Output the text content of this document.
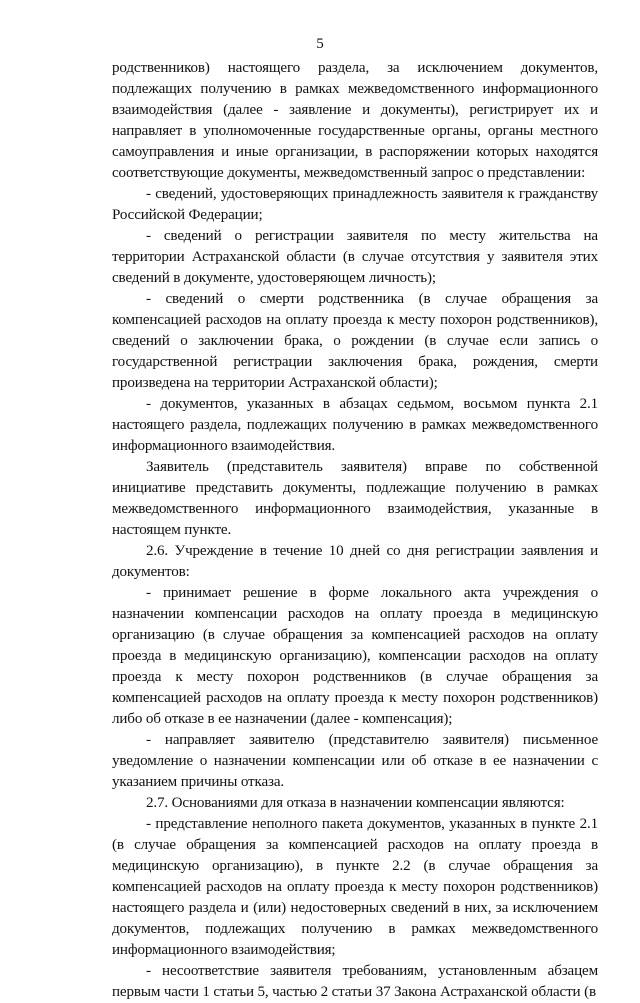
5

родственников) настоящего раздела, за исключением документов, подлежащих получению в рамках межведомственного информационного взаимодействия (далее - заявление и документы), регистрирует их и направляет в уполномоченные государственные органы, органы местного самоуправления и иные организации, в распоряжении которых находятся соответствующие документы, межведомственный запрос о представлении:

- сведений, удостоверяющих принадлежность заявителя к гражданству Российской Федерации;

- сведений о регистрации заявителя по месту жительства на территории Астраханской области (в случае отсутствия у заявителя этих сведений в документе, удостоверяющем личность);

- сведений о смерти родственника (в случае обращения за компенсацией расходов на оплату проезда к месту похорон родственников), сведений о заключении брака, о рождении (в случае если запись о государственной регистрации заключения брака, рождения, смерти произведена на территории Астраханской области);

- документов, указанных в абзацах седьмом, восьмом пункта 2.1 настоящего раздела, подлежащих получению в рамках межведомственного информационного взаимодействия.

Заявитель (представитель заявителя) вправе по собственной инициативе представить документы, подлежащие получению в рамках межведомственного информационного взаимодействия, указанные в настоящем пункте.

2.6. Учреждение в течение 10 дней со дня регистрации заявления и документов:

- принимает решение в форме локального акта учреждения о назначении компенсации расходов на оплату проезда в медицинскую организацию (в случае обращения за компенсацией расходов на оплату проезда в медицинскую организацию), компенсации расходов на оплату проезда к месту похорон родственников (в случае обращения за компенсацией расходов на оплату проезда к месту похорон родственников) либо об отказе в ее назначении (далее - компенсация);

- направляет заявителю (представителю заявителя) письменное уведомление о назначении компенсации или об отказе в ее назначении с указанием причины отказа.

2.7. Основаниями для отказа в назначении компенсации являются:

- представление неполного пакета документов, указанных в пункте 2.1 (в случае обращения за компенсацией расходов на оплату проезда в медицинскую организацию), в пункте 2.2 (в случае обращения за компенсацией расходов на оплату проезда к месту похорон родственников) настоящего раздела и (или) недостоверных сведений в них, за исключением документов, подлежащих получению в рамках межведомственного информационного взаимодействия;

- несоответствие заявителя требованиям, установленным абзацем первым части 1 статьи 5, частью 2 статьи 37 Закона Астраханской области (в
